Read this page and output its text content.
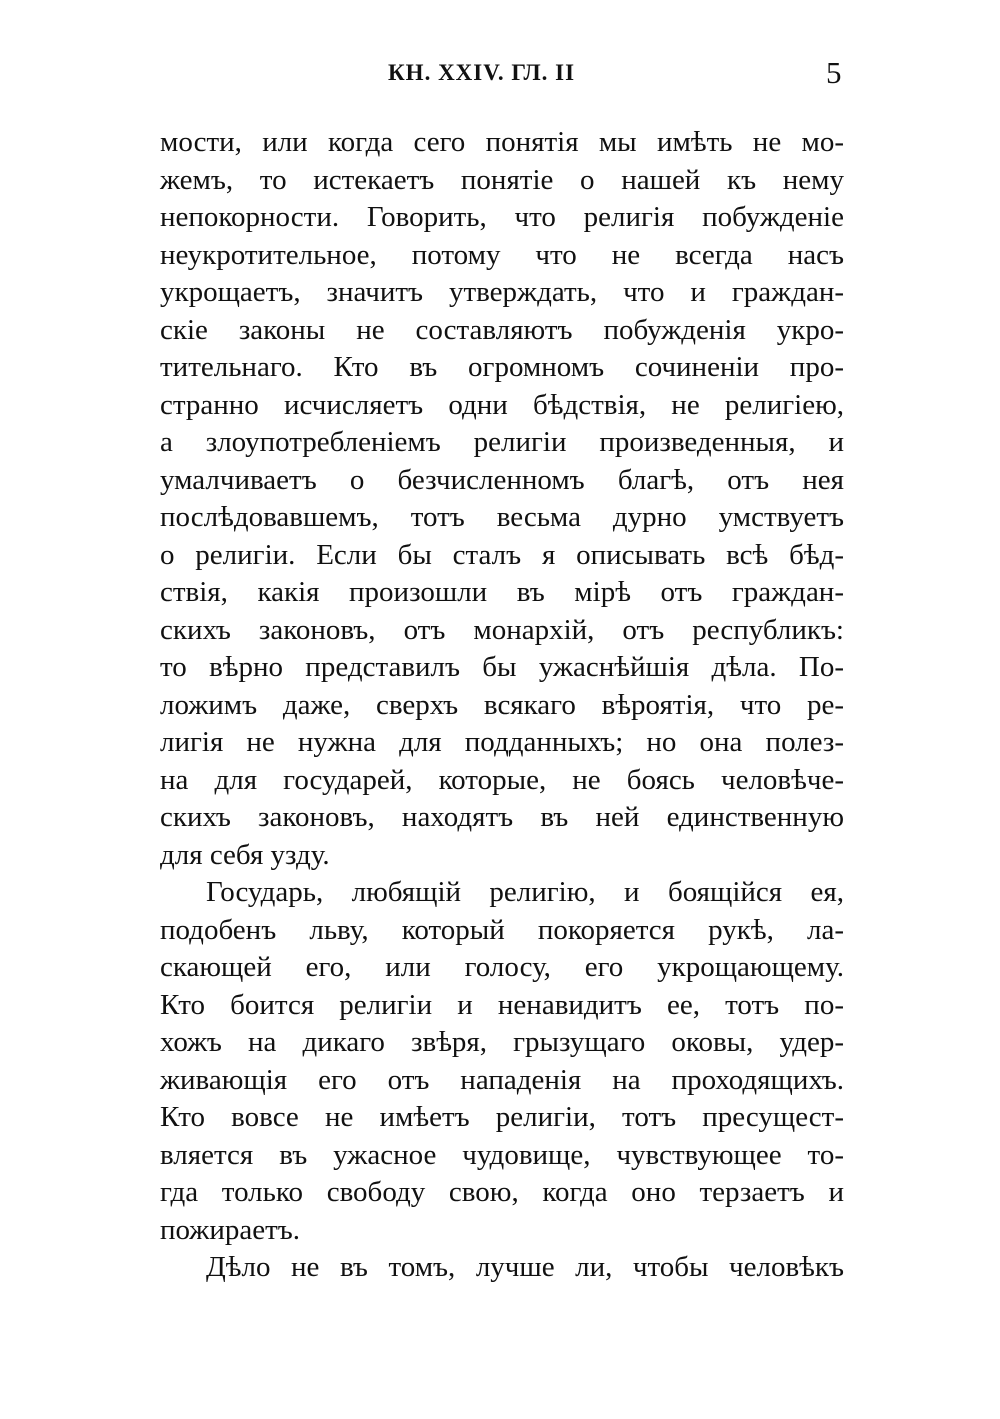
КН. XXIV. ГЛ. II	5

мости, или когда сего понятія мы имѣть не мо-
жемъ, то истекаетъ понятіе о нашей къ нему
непокорности. Говорить, что религія побужденіе
неукротительное, потому что не всегда насъ
укрощаетъ, значитъ утверждать, что и граждан-
скіе законы не составляютъ побужденія укро-
тительнаго. Кто въ огромномъ сочиненіи про-
странно исчисляетъ одни бѣдствія, не религіею,
а злоупотребленіемъ религіи произведенныя, и
умалчиваетъ о безчисленномъ благѣ, отъ нея
послѣдовавшемъ, тотъ весьма дурно умствуетъ
о религіи. Если бы сталъ я описывать всѣ бѣд-
ствія, какія произошли въ мірѣ отъ граждан-
скихъ законовъ, отъ монархій, отъ республикъ:
то вѣрно представилъ бы ужаснѣйшія дѣла. По-
ложимъ даже, сверхъ всякаго вѣроятія, что ре-
лигія не нужна для подданныхъ; но она полез-
на для государей, которые, не боясь человѣче-
скихъ законовъ, находятъ въ ней единственную
для себя узду.

Государь, любящій религію, и боящійся ея,
подобенъ льву, который покоряется рукѣ, ла-
скающей его, или голосу, его укрощающему.
Кто боится религіи и ненавидитъ ее, тотъ по-
хожъ на дикаго звѣря, грызущаго оковы, удер-
живающія его отъ нападенія на проходящихъ.
Кто вовсе не имѣетъ религіи, тотъ пресущест-
вляется въ ужасное чудовище, чувствующее то-
гда только свободу свою, когда оно терзаетъ и
пожираетъ.

Дѣло не въ томъ, лучше ли, чтобы человѣкъ
